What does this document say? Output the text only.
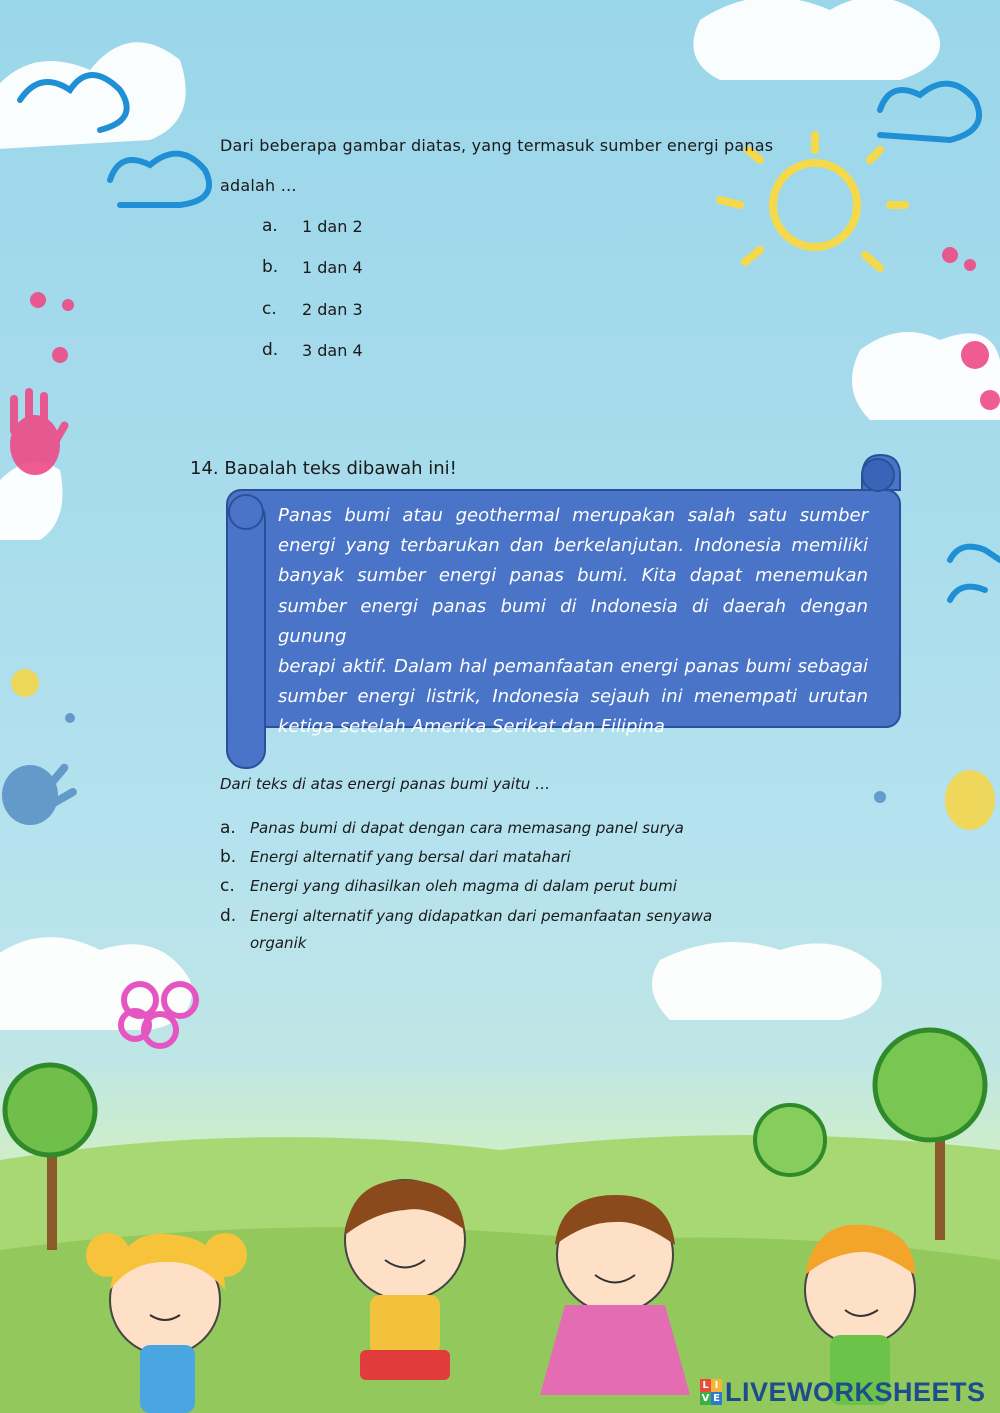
Dari beberapa gambar diatas, yang termasuk sumber energi panas
adalah …
a. 1 dan 2
b. 1 dan 4
c. 2 dan 3
d. 3 dan 4
14. Baᴅalah teks dibawah ini!
Panas bumi atau geothermal merupakan salah satu sumber
energi yang terbarukan dan berkelanjutan. Indonesia memiliki
banyak sumber energi panas bumi. Kita dapat menemukan
sumber energi panas bumi di Indonesia di daerah dengan gunung
berapi aktif. Dalam hal pemanfaatan energi panas bumi sebagai
sumber energi listrik, Indonesia sejauh ini menempati urutan
ketiga setelah Amerika Serikat dan Filipina
Dari teks di atas energi panas bumi yaitu …
a. Panas bumi di dapat dengan cara memasang panel surya
b. Energi alternatif yang bersal dari matahari
c. Energi yang dihasilkan oleh magma di dalam perut bumi
d. Energi alternatif yang didapatkan dari pemanfaatan senyawa
organik
L I
V E LIVEWORKSHEETS
